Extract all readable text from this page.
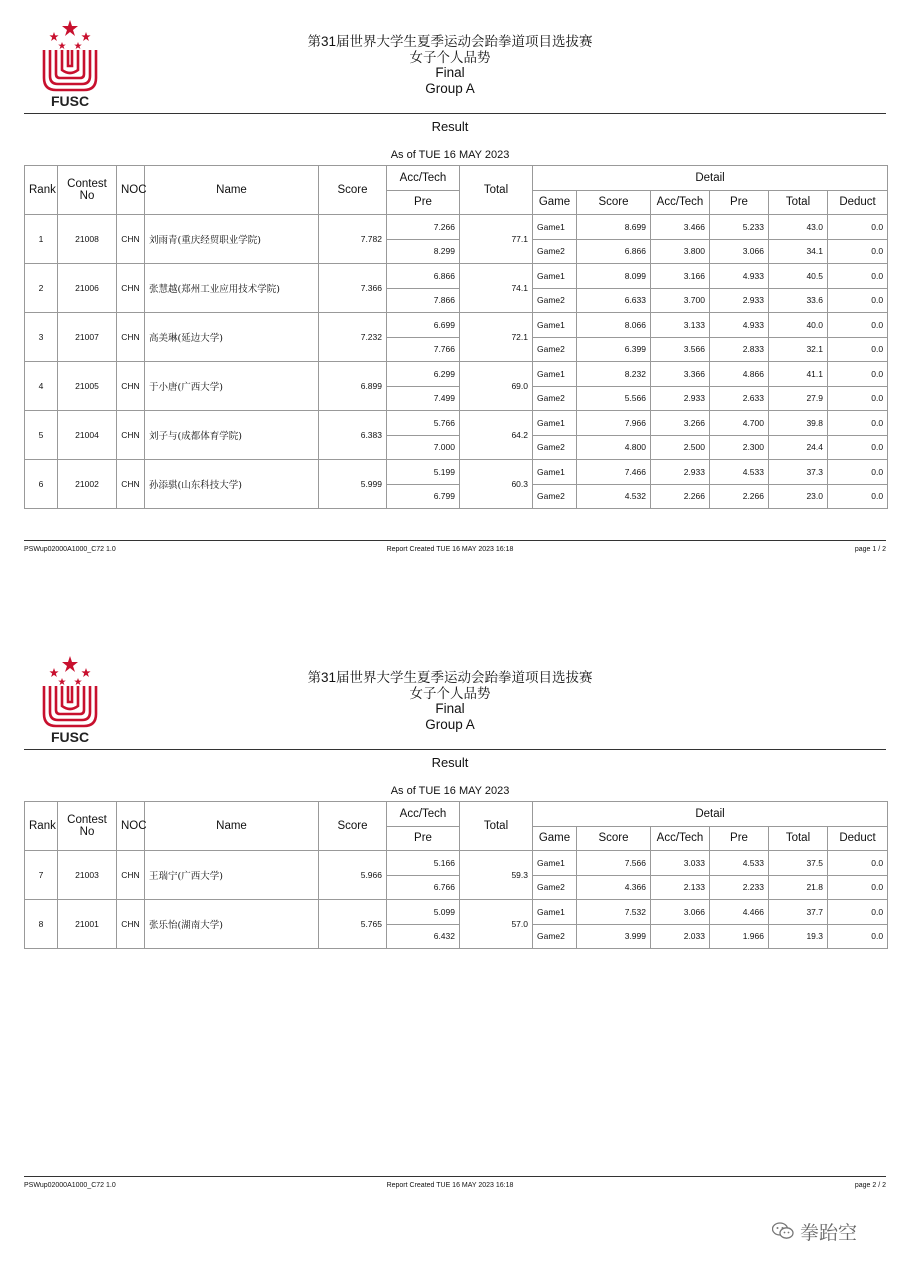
FUSC
第31届世界大学生夏季运动会跆拳道项目选拔赛
女子个人品势
Final
Group A
Result
As of TUE 16 MAY 2023
Rank	Contest No	NOC	Name	Score	Acc/Tech	Total	Detail					
					Pre		Game	Score	Acc/Tech	Pre	Total	Deduct
1	21008	CHN	刘雨青(重庆经贸职业学院)	7.782	7.266	77.1	Game1	8.699	3.466	5.233	43.0	0.0
					8.299		Game2	6.866	3.800	3.066	34.1	0.0
2	21006	CHN	张慧越(郑州工业应用技术学院)	7.366	6.866	74.1	Game1	8.099	3.166	4.933	40.5	0.0
					7.866		Game2	6.633	3.700	2.933	33.6	0.0
3	21007	CHN	高美琳(延边大学)	7.232	6.699	72.1	Game1	8.066	3.133	4.933	40.0	0.0
					7.766		Game2	6.399	3.566	2.833	32.1	0.0
4	21005	CHN	于小唐(广西大学)	6.899	6.299	69.0	Game1	8.232	3.366	4.866	41.1	0.0
					7.499		Game2	5.566	2.933	2.633	27.9	0.0
5	21004	CHN	刘子与(成都体育学院)	6.383	5.766	64.2	Game1	7.966	3.266	4.700	39.8	0.0
					7.000		Game2	4.800	2.500	2.300	24.4	0.0
6	21002	CHN	孙添骐(山东科技大学)	5.999	5.199	60.3	Game1	7.466	2.933	4.533	37.3	0.0
					6.799		Game2	4.532	2.266	2.266	23.0	0.0
PSWup02000A1000_C72 1.0	Report Created TUE 16 MAY 2023 16:18	page 1 / 2
FUSC
第31届世界大学生夏季运动会跆拳道项目选拔赛
女子个人品势
Final
Group A
Result
As of TUE 16 MAY 2023
Rank	Contest No	NOC	Name	Score	Acc/Tech	Total	Detail					
					Pre		Game	Score	Acc/Tech	Pre	Total	Deduct
7	21003	CHN	王瑞宁(广西大学)	5.966	5.166	59.3	Game1	7.566	3.033	4.533	37.5	0.0
					6.766		Game2	4.366	2.133	2.233	21.8	0.0
8	21001	CHN	张乐怡(湖南大学)	5.765	5.099	57.0	Game1	7.532	3.066	4.466	37.7	0.0
					6.432		Game2	3.999	2.033	1.966	19.3	0.0
PSWup02000A1000_C72 1.0	Report Created TUE 16 MAY 2023 16:18	page 2 / 2
拳跆空
